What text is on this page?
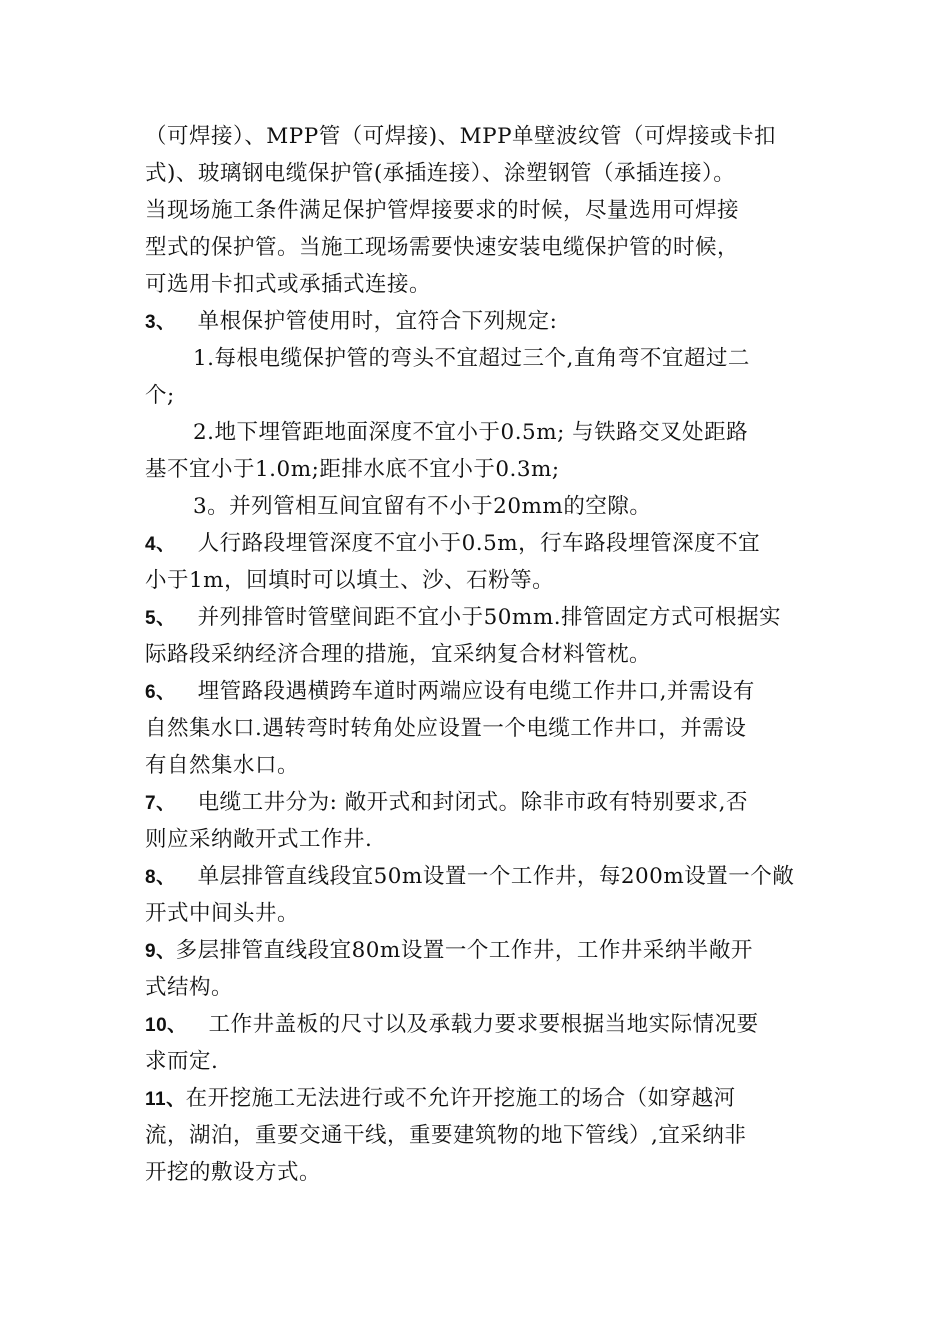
（可焊接）、MPP管（可焊接)、MPP单壁波纹管（可焊接或卡扣
式)、玻璃钢电缆保护管(承插连接）、涂塑钢管（承插连接）。
当现场施工条件满足保护管焊接要求的时候，尽量选用可焊接
型式的保护管。当施工现场需要快速安装电缆保护管的时候，
可选用卡扣式或承插式连接。
3、 单根保护管使用时，宜符合下列规定:
1.每根电缆保护管的弯头不宜超过三个,直角弯不宜超过二
个;
2.地下埋管距地面深度不宜小于0.5m; 与铁路交叉处距路
基不宜小于1.0m;距排水底不宜小于0.3m;
3。并列管相互间宜留有不小于20mm的空隙。
4、 人行路段埋管深度不宜小于0.5m，行车路段埋管深度不宜
小于1m，回填时可以填土、沙、石粉等。
5、 并列排管时管壁间距不宜小于50mm.排管固定方式可根据实
际路段采纳经济合理的措施，宜采纳复合材料管枕。
6、 埋管路段遇横跨车道时两端应设有电缆工作井口,并需设有
自然集水口.遇转弯时转角处应设置一个电缆工作井口，并需设
有自然集水口。
7、 电缆工井分为: 敞开式和封闭式。除非市政有特别要求,否
则应采纳敞开式工作井.
8、 单层排管直线段宜50m设置一个工作井，每200m设置一个敞
开式中间头井。
9、多层排管直线段宜80m设置一个工作井，工作井采纳半敞开
式结构。
10、 工作井盖板的尺寸以及承载力要求要根据当地实际情况要
求而定.
11、在开挖施工无法进行或不允许开挖施工的场合（如穿越河
流，湖泊，重要交通干线，重要建筑物的地下管线）,宜采纳非
开挖的敷设方式。
